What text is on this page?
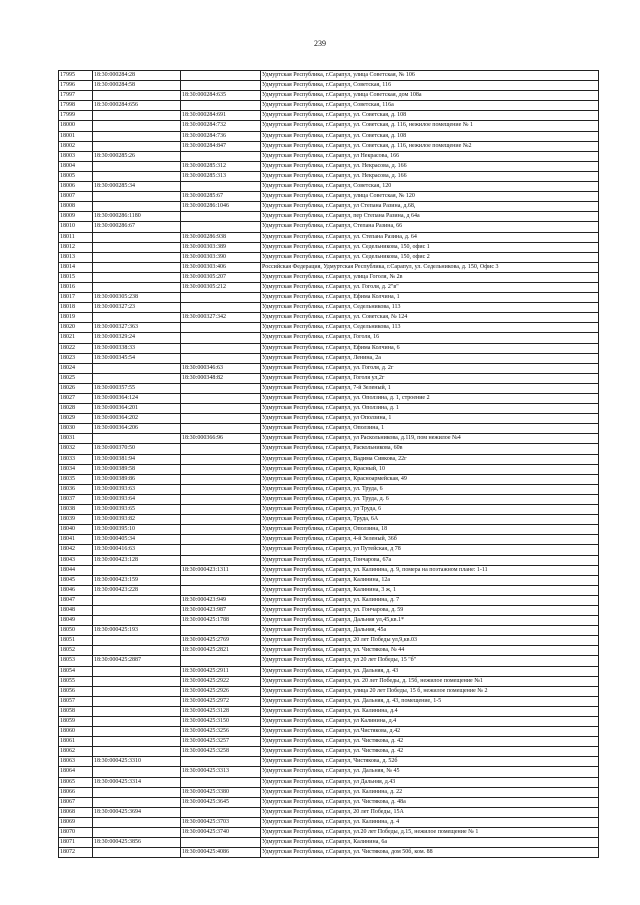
239
17995	18:30:000284:28		Удмуртская Республика, г.Сарапул, улица Советская, № 106
17996	18:30:000284:58		Удмуртская Республика, г.Сарапул, Советская, 116
17997		18:30:000284:635	Удмуртская Республика, г.Сарапул, улица Советская, дом 108а
17998	18:30:000284:656		Удмуртская Республика, г.Сарапул, Советская, 116а
17999		18:30:000284:691	Удмуртская Республика, г.Сарапул, ул. Советская, д. 108
18000		18:30:000284:732	Удмуртская Республика, г.Сарапул, ул. Советская, д. 116, нежилое помещение № 1
18001		18:30:000284:736	Удмуртская Республика, г.Сарапул, ул. Советская, д. 108
18002		18:30:000284:847	Удмуртская Республика, г.Сарапул, ул. Советская, д. 116, нежилое помещение №2
18003	18:30:000285:26		Удмуртская Республика, г.Сарапул, ул Некрасова, 166
18004		18:30:000285:312	Удмуртская Республика, г.Сарапул, ул. Некрасова, д. 166
18005		18:30:000285:313	Удмуртская Республика, г.Сарапул, ул. Некрасова, д. 166
18006	18:30:000285:34		Удмуртская Республика, г.Сарапул, Советская, 120
18007		18:30:000285:67	Удмуртская Республика, г.Сарапул, улица Советская, № 120
18008		18:30:000286:1046	Удмуртская Республика, г.Сарапул, ул Степана Разина, д.68,
18009	18:30:000286:1180		Удмуртская Республика, г.Сарапул, пер Степана Разина, д 64а
18010	18:30:000286:67		Удмуртская Республика, г.Сарапул, Степана Разина, 66
18011		18:30:000286:938	Удмуртская Республика, г.Сарапул, ул. Степана Разина, д. 64
18012		18:30:000303:389	Удмуртская Республика, г.Сарапул, ул. Седельникова, 150, офис 1
18013		18:30:000303:390	Удмуртская Республика, г.Сарапул, ул. Седельникова, 150, офис 2
18014		18:30:000303:406	Российская Федерация, Удмуртская Республика, г.Сарапул, ул. Седельникова, д. 150, Офис 3
18015		18:30:000305:207	Удмуртская Республика, г.Сарапул, улица Гоголя, № 2в
18016		18:30:000305:212	Удмуртская Республика, г.Сарапул, ул. Гоголя, д. 2"в"
18017	18:30:000305:238		Удмуртская Республика, г.Сарапул, Ефима Колчина, 1
18018	18:30:000327:23		Удмуртская Республика, г.Сарапул, Седельникова, 113
18019		18:30:000327:342	Удмуртская Республика, г.Сарапул, ул. Советская, № 124
18020	18:30:000327:363		Удмуртская Республика, г.Сарапул, Седельникова, 113
18021	18:30:000329:24		Удмуртская Республика, г.Сарапул, Гоголя, 16
18022	18:30:000338:33		Удмуртская Республика, г.Сарапул, Ефима Колчина, 6
18023	18:30:000345:54		Удмуртская Республика, г.Сарапул, Ленина, 2а
18024		18:30:000346:63	Удмуртская Республика, г.Сарапул, ул. Гоголя, д. 2г
18025		18:30:000348:82	Удмуртская Республика, г.Сарапул, Гоголя ул,2г
18026	18:30:000357:55		Удмуртская Республика, г.Сарапул, 7-й Зеленый, 1
18027	18:30:000364:124		Удмуртская Республика, г.Сарапул, ул. Оползина, д. 1, строение 2
18028	18:30:000364:201		Удмуртская Республика, г.Сарапул, ул. Оползина, д. 1
18029	18:30:000364:202		Удмуртская Республика, г.Сарапул, ул Оползина, 1
18030	18:30:000364:206		Удмуртская Республика, г.Сарапул, Оползина, 1
18031		18:30:000366:96	Удмуртская Республика, г.Сарапул, ул Раскольникова, д.119, пом нежилое №4
18032	18:30:000370:50		Удмуртская Республика, г.Сарапул, Раскольникова, 60в
18033	18:30:000381:94		Удмуртская Республика, г.Сарапул, Вадима Сивкова, 22г
18034	18:30:000389:58		Удмуртская Республика, г.Сарапул, Красный, 10
18035	18:30:000389:86		Удмуртская Республика, г.Сарапул, Красноармейская, 49
18036	18:30:000393:63		Удмуртская Республика, г.Сарапул, ул. Труда, 6
18037	18:30:000393:64		Удмуртская Республика, г.Сарапул, ул. Труда, д. 6
18038	18:30:000393:65		Удмуртская Республика, г.Сарапул, ул Труда, 6
18039	18:30:000393:82		Удмуртская Республика, г.Сарапул, Труда, 6А
18040	18:30:000395:10		Удмуртская Республика, г.Сарапул, Оползина, 18
18041	18:30:000405:34		Удмуртская Республика, г.Сарапул, 4-й Зеленый, 36б
18042	18:30:000416:63		Удмуртская Республика, г.Сарапул, ул Путейская, д 78
18043	18:30:000423:128		Удмуртская Республика, г.Сарапул, Гончарова, 67а
18044		18:30:000423:1311	Удмуртская Республика, г.Сарапул, ул. Калинина, д. 9, помера на поэтажном плане: 1-11
18045	18:30:000423:159		Удмуртская Республика, г.Сарапул, Калинина, 12а
18046	18:30:000423:228		Удмуртская Республика, г.Сарапул, Калинина, 3 ж, 1
18047		18:30:000423:949	Удмуртская Республика, г.Сарапул, ул. Калинина, д. 7
18048		18:30:000423:987	Удмуртская Республика, г.Сарапул, ул. Гончарова, д. 59
18049		18:30:000425:1788	Удмуртская Республика, г.Сарапул, Дальняя ул,45,кв.1*
18050	18:30:000425:193		Удмуртская Республика, г.Сарапул, Дальняя, 45а
18051		18:30:000425:2769	Удмуртская Республика, г.Сарапул, 20 лет Победы ул,9,кв.03
18052		18:30:000425:2821	Удмуртская Республика, г.Сарапул, ул. Чистякова, № 44
18053	18:30:000425:2887		Удмуртская Республика, г.Сарапул, ул 20 лет Победы, 15 "б"
18054		18:30:000425:2911	Удмуртская Республика, г.Сарапул, ул. Дальняя, д. 43
18055		18:30:000425:2922	Удмуртская Республика, г.Сарапул, ул. 20 лет Победы, д. 15б, нежилое помещение №1
18056		18:30:000425:2926	Удмуртская Республика, г.Сарапул, улица 20 лет Победы, 15 б, нежилое помещение № 2
18057		18:30:000425:2972	Удмуртская Республика, г.Сарапул, ул. Дальняя, д. 43, помещение, 1-5
18058		18:30:000425:3128	Удмуртская Республика, г.Сарапул, ул. Калинина, д.4
18059		18:30:000425:3150	Удмуртская Республика, г.Сарапул, ул Калинина, д.4
18060		18:30:000425:3256	Удмуртская Республика, г.Сарапул, ул.Чистякова, д.42
18061		18:30:000425:3257	Удмуртская Республика, г.Сарапул, ул. Чистякова, д. 42
18062		18:30:000425:3258	Удмуртская Республика, г.Сарапул, ул. Чистякова, д. 42
18063	18:30:000425:3310		Удмуртская Республика, г.Сарапул, Чистякова, д. 52б
18064		18:30:000425:3313	Удмуртская Республика, г.Сарапул, ул. Дальняя, № 45
18065	18:30:000425:3314		Удмуртская Республика, г.Сарапул, ул Дальняя, д.43
18066		18:30:000425:3380	Удмуртская Республика, г.Сарапул, ул. Калинина, д. 22
18067		18:30:000425:3645	Удмуртская Республика, г.Сарапул, ул. Чистякова, д. 48а
18068	18:30:000425:3694		Удмуртская Республика, г.Сарапул, 20 лет Победы, 15А
18069		18:30:000425:3703	Удмуртская Республика, г.Сарапул, ул. Калинина, д. 4
18070		18:30:000425:3740	Удмуртская Республика, г.Сарапул, ул.20 лет Победы, д.15, нежилое помещение № 1
18071	18:30:000425:3856		Удмуртская Республика, г.Сарапул, Калинина, 6а
18072		18:30:000425:4086	Удмуртская Республика, г.Сарапул, ул. Чистякова, дом 50б, ком. 88
